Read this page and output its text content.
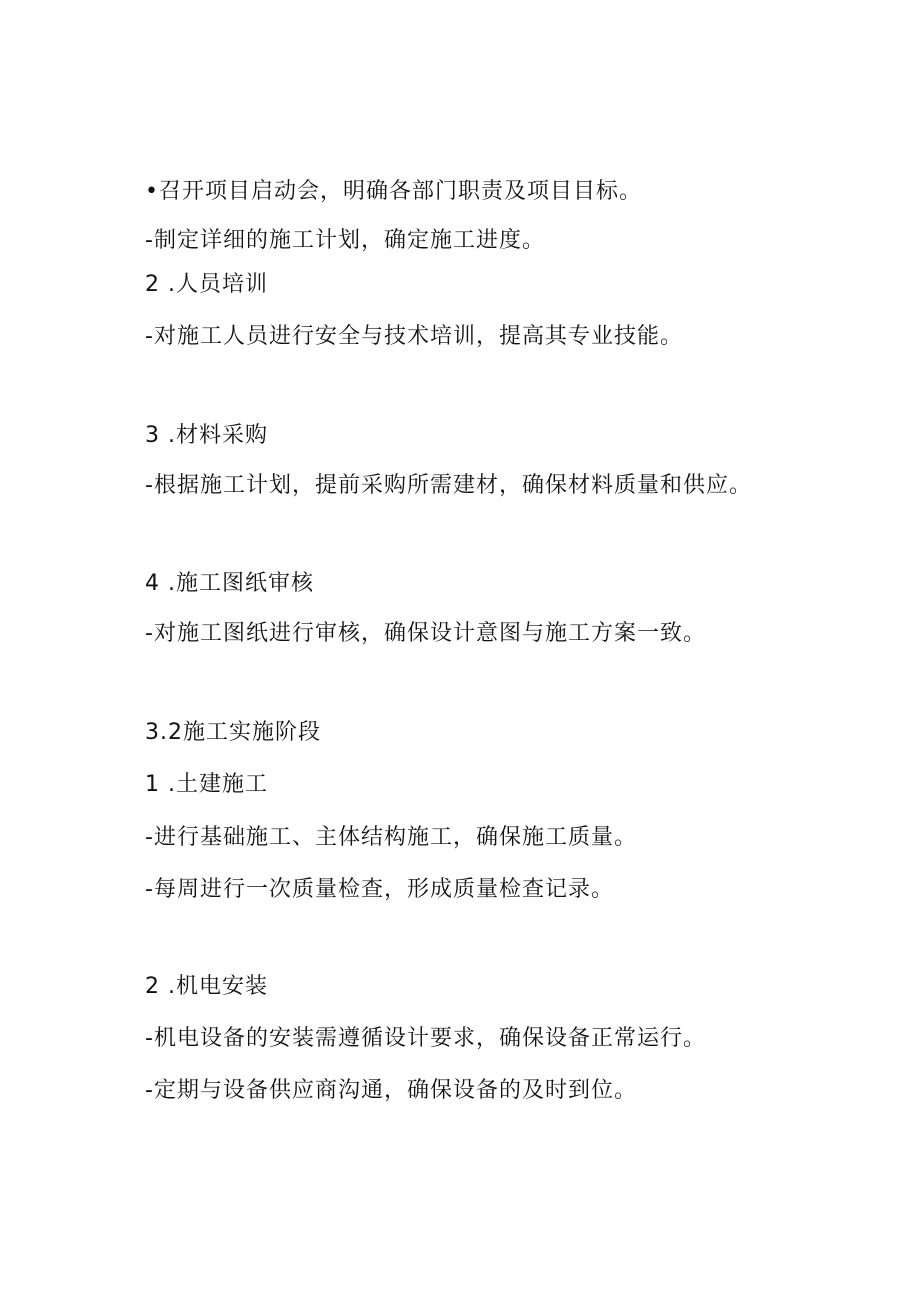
•召开项目启动会，明确各部门职责及项目目标。
-制定详细的施工计划，确定施工进度。
2 .人员培训
-对施工人员进行安全与技术培训，提高其专业技能。
3 .材料采购
-根据施工计划，提前采购所需建材，确保材料质量和供应。
4 .施工图纸审核
-对施工图纸进行审核，确保设计意图与施工方案一致。
3.2施工实施阶段
1 .土建施工
-进行基础施工、主体结构施工，确保施工质量。
-每周进行一次质量检查，形成质量检查记录。
2 .机电安装
-机电设备的安装需遵循设计要求，确保设备正常运行。
-定期与设备供应商沟通，确保设备的及时到位。
